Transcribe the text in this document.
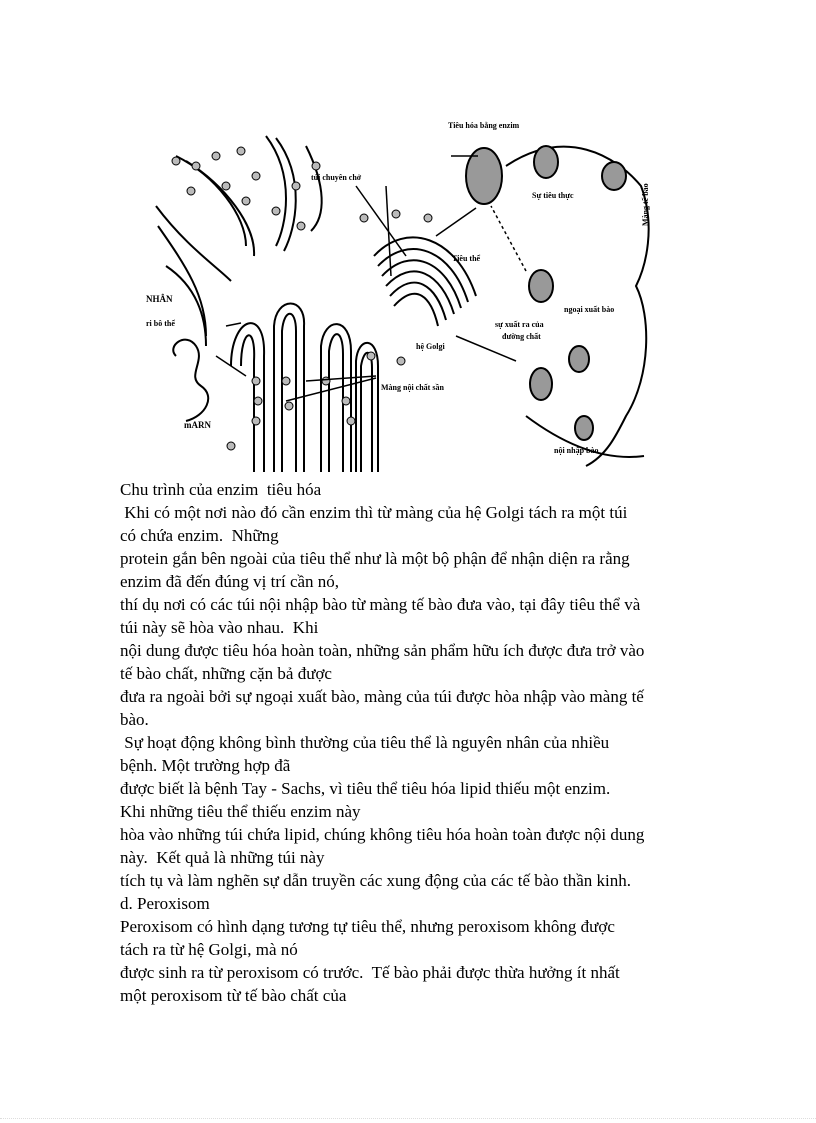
Tiêu hóa bằng enzim
túi chuyên chở
Sự tiêu thực	Màng tế bào
Tiêu thể
NHÂN
ri bô thể	sự xuất ra của
đường chất
ngoại xuất bào
hệ Golgi
Màng nội chất sần
mARN
nội nhập bào
Chu trình của enzim  tiêu hóa
Khi có một nơi nào đó cần enzim thì từ màng của hệ Golgi tách ra một túi
có chứa enzim.  Những
protein gắn bên ngoài của tiêu thể như là một bộ phận để nhận diện ra rằng
enzim đã đến đúng vị trí cần nó,
thí dụ nơi có các túi nội nhập bào từ màng tế bào đưa vào, tại đây tiêu thể và
túi này sẽ hòa vào nhau.  Khi
nội dung được tiêu hóa hoàn toàn, những sản phẩm hữu ích được đưa trở vào
tế bào chất, những cặn bả được
đưa ra ngoài bởi sự ngoại xuất bào, màng của túi được hòa nhập vào màng tế
bào.
Sự hoạt động không bình thường của tiêu thể là nguyên nhân của nhiều
bệnh. Một trường hợp đã
được biết là bệnh Tay - Sachs, vì tiêu thể tiêu hóa lipid thiếu một enzim.
Khi những tiêu thể thiếu enzim này
hòa vào những túi chứa lipid, chúng không tiêu hóa hoàn toàn được nội dung
này.  Kết quả là những túi này
tích tụ và làm nghẽn sự dẫn truyền các xung động của các tế bào thần kinh.
d. Peroxisom
Peroxisom có hình dạng tương tự tiêu thể, nhưng peroxisom không được
tách ra từ hệ Golgi, mà nó
được sinh ra từ peroxisom có trước.  Tế bào phải được thừa hưởng ít nhất
một peroxisom từ tế bào chất của
